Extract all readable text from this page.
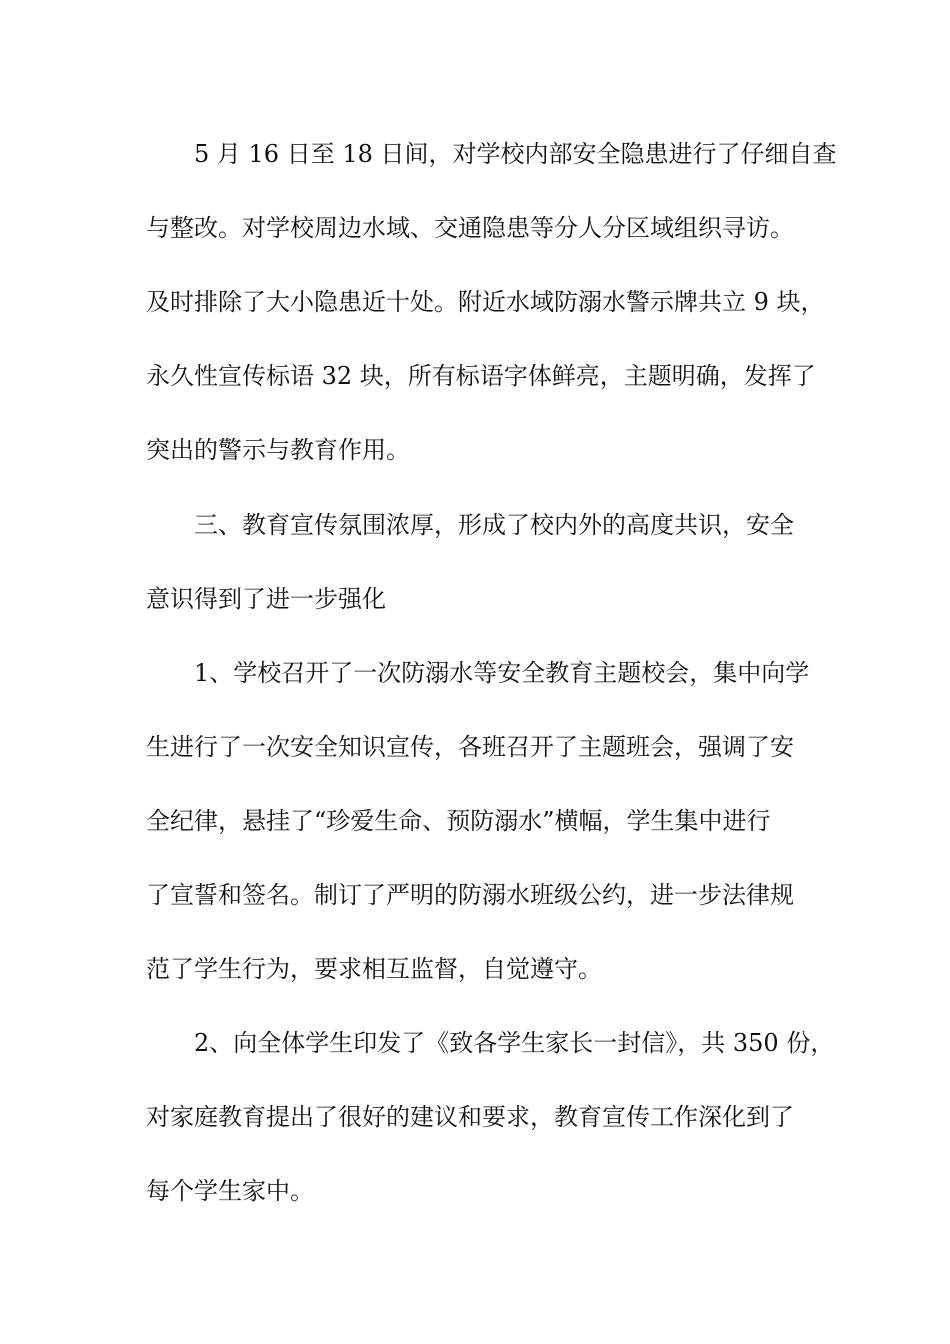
5 月 16 日至 18 日间，对学校内部安全隐患进行了仔细自查
与整改。对学校周边水域、交通隐患等分人分区域组织寻访。
及时排除了大小隐患近十处。附近水域防溺水警示牌共立 9 块，
永久性宣传标语 32 块，所有标语字体鲜亮，主题明确，发挥了
突出的警示与教育作用。
三、教育宣传氛围浓厚，形成了校内外的高度共识，安全
意识得到了进一步强化
1、学校召开了一次防溺水等安全教育主题校会，集中向学
生进行了一次安全知识宣传，各班召开了主题班会，强调了安
全纪律，悬挂了“珍爱生命、预防溺水”横幅，学生集中进行
了宣誓和签名。制订了严明的防溺水班级公约，进一步法律规
范了学生行为，要求相互监督，自觉遵守。
2、向全体学生印发了《致各学生家长一封信》，共 350 份，
对家庭教育提出了很好的建议和要求，教育宣传工作深化到了
每个学生家中。
